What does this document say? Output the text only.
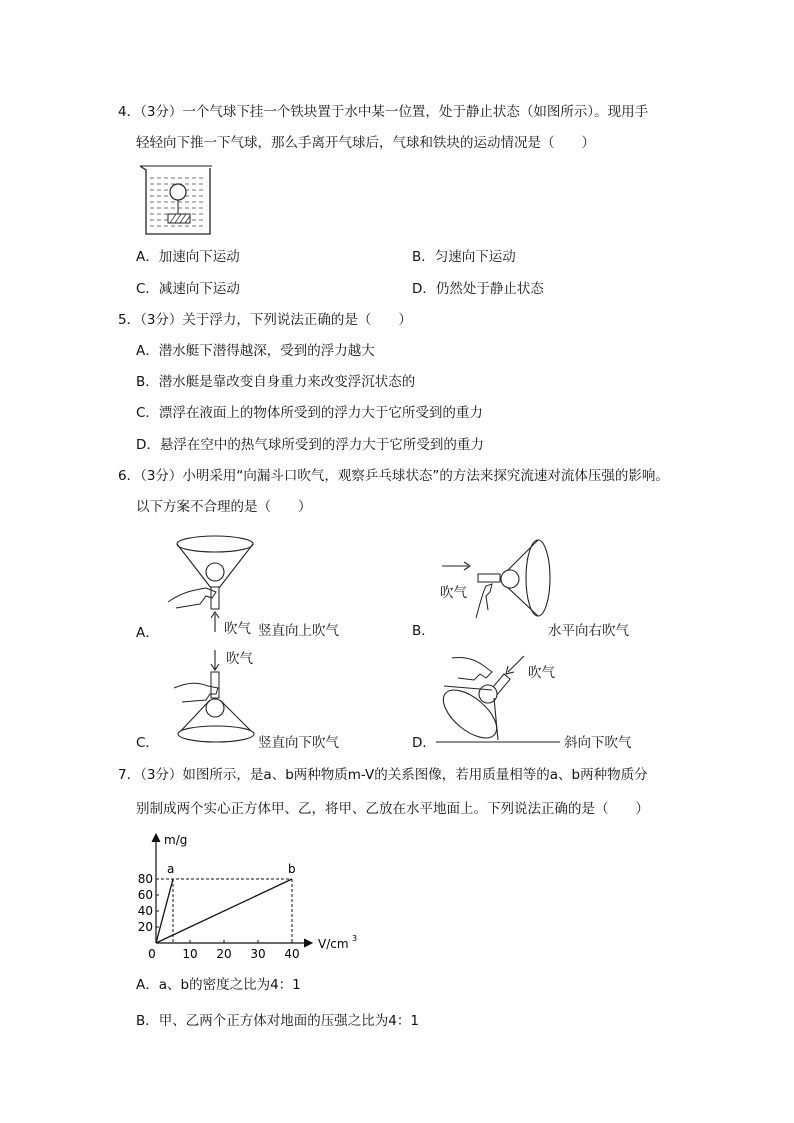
4．（3分）一个气球下挂一个铁块置于水中某一位置，处于静止状态（如图所示）。现用手
轻轻向下推一下气球，那么手离开气球后，气球和铁块的运动情况是（　　）
A．加速向下运动	B．匀速向下运动
C．减速向下运动	D．仍然处于静止状态
5．（3分）关于浮力，下列说法正确的是（　　）
A．潜水艇下潜得越深，受到的浮力越大
B．潜水艇是靠改变自身重力来改变浮沉状态的
C．漂浮在液面上的物体所受到的浮力大于它所受到的重力
D．悬浮在空中的热气球所受到的浮力大于它所受到的重力
6．（3分）小明采用“向漏斗口吹气，观察乒乓球状态”的方法来探究流速对流体压强的影响。
以下方案不合理的是（　　）
吹气
A．	竖直向上吹气
吹气
B．	水平向右吹气
吹气
C．	竖直向下吹气
吹气
D．	斜向下吹气
7．（3分）如图所示，是a、b两种物质m-V的关系图像，若用质量相等的a、b两种物质分
别制成两个实心正方体甲、乙，将甲、乙放在水平地面上。下列说法正确的是（　　）
m/g
V/cm 3
0 10 20 30 40
20
40
60
80
a	b
A．a、b的密度之比为4：1
B．甲、乙两个正方体对地面的压强之比为4：1
